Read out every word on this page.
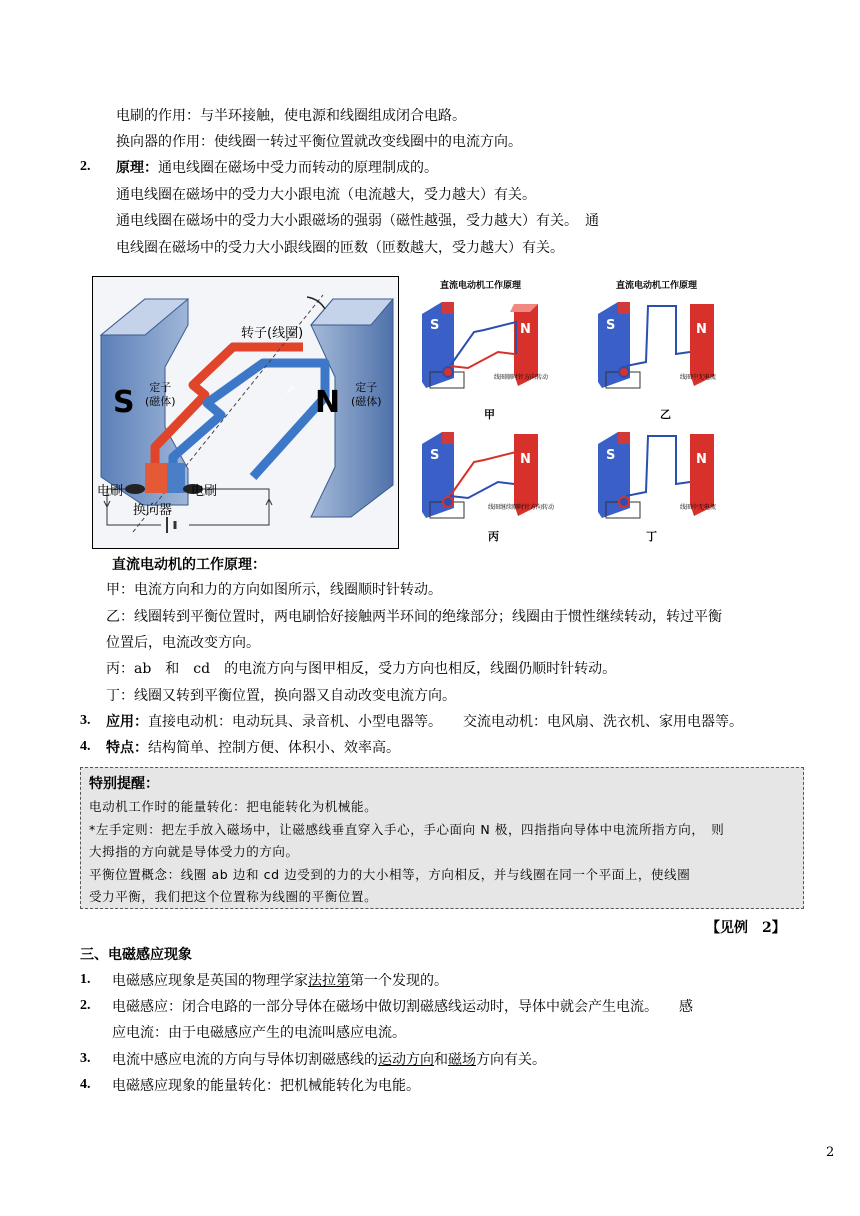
电刷的作用：与半环接触，使电源和线圈组成闭合电路。
换向器的作用：使线圈一转过平衡位置就改变线圈中的电流方向。
2. 原理：通电线圈在磁场中受力而转动的原理制成的。
通电线圈在磁场中的受力大小跟电流（电流越大，受力越大）有关。
通电线圈在磁场中的受力大小跟磁场的强弱（磁性越强，受力越大）有关。　通
电线圈在磁场中的受力大小跟线圈的匝数（匝数越大，受力越大）有关。
转子(线圈)
S	定子
(磁体)	N	定子
(磁体)
电刷	电刷
换向器
直流电动机工作原理
S	N
线圈顺时针方向转动
甲
直流电动机工作原理
S	N
线圈中无电流
乙
S	N
线圈继续顺时针方向转动
丙
S	N
线圈中无电流
丁
直流电动机的工作原理：
甲：电流方向和力的方向如图所示，线圈顺时针转动。
乙：线圈转到平衡位置时，两电刷恰好接触两半环间的绝缘部分；线圈由于惯性继续转动，转过平衡
位置后，电流改变方向。
丙：ab　和　cd　的电流方向与图甲相反，受力方向也相反，线圈仍顺时针转动。
丁：线圈又转到平衡位置，换向器又自动改变电流方向。
3. 应用：直接电动机：电动玩具、录音机、小型电器等。　　交流电动机：电风扇、洗衣机、家用电器等。
4. 特点：结构简单、控制方便、体积小、效率高。
特别提醒：
电动机工作时的能量转化：把电能转化为机械能。
*左手定则：把左手放入磁场中，让磁感线垂直穿入手心，手心面向 N 极，四指指向导体中电流所指方向，　则
大拇指的方向就是导体受力的方向。
平衡位置概念：线圈 ab 边和 cd 边受到的力的大小相等，方向相反，并与线圈在同一个平面上，使线圈
受力平衡，我们把这个位置称为线圈的平衡位置。
【见例　2】
三、电磁感应现象
1. 电磁感应现象是英国的物理学家法拉第第一个发现的。
2. 电磁感应：闭合电路的一部分导体在磁场中做切割磁感线运动时，导体中就会产生电流。　　感
应电流：由于电磁感应产生的电流叫感应电流。
3. 电流中感应电流的方向与导体切割磁感线的运动方向和磁场方向有关。
4. 电磁感应现象的能量转化：把机械能转化为电能。
2
